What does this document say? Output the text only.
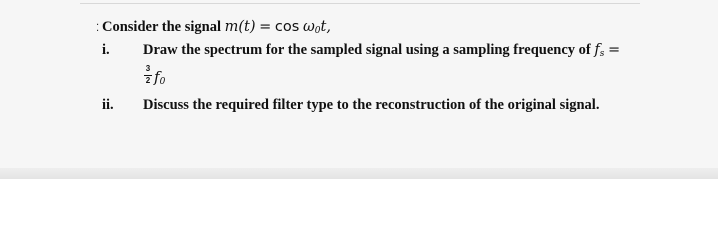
⁚ Consider the signal $m(t) = \cos \omega_0t$,
i.	Draw the spectrum for the sampled signal using a sampling frequency of $f_s$ =
3
2 $f_0$
ii.	Discuss the required filter type to the reconstruction of the original signal.
